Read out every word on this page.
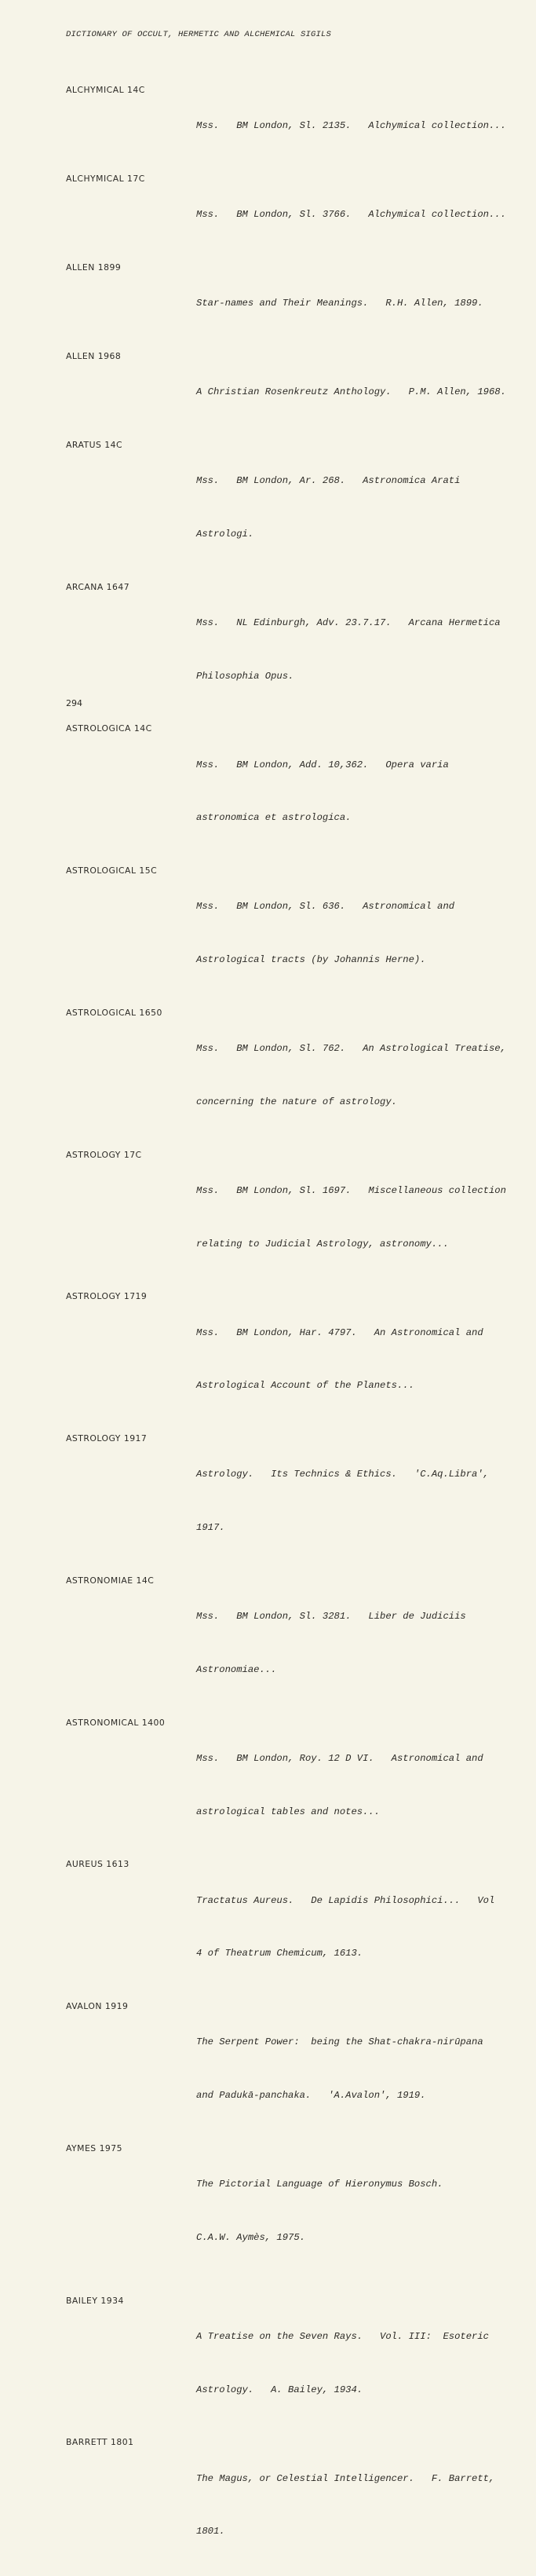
DICTIONARY OF OCCULT, HERMETIC AND ALCHEMICAL SIGILS
ALCHYMICAL 14C

Mss.   BM London, Sl. 2135.   Alchymical collection...

ALCHYMICAL 17C

Mss.   BM London, Sl. 3766.   Alchymical collection...

ALLEN 1899

Star-names and Their Meanings.   R.H. Allen, 1899.

ALLEN 1968

A Christian Rosenkreutz Anthology.   P.M. Allen, 1968.

ARATUS 14C

Mss.   BM London, Ar. 268.   Astronomica Arati

Astrologi.

ARCANA 1647

Mss.   NL Edinburgh, Adv. 23.7.17.   Arcana Hermetica

Philosophia Opus.

ASTROLOGICA 14C

Mss.   BM London, Add. 10,362.   Opera varia

astronomica et astrologica.

ASTROLOGICAL 15C

Mss.   BM London, Sl. 636.   Astronomical and

Astrological tracts (by Johannis Herne).

ASTROLOGICAL 1650

Mss.   BM London, Sl. 762.   An Astrological Treatise,

concerning the nature of astrology.

ASTROLOGY 17C

Mss.   BM London, Sl. 1697.   Miscellaneous collection

relating to Judicial Astrology, astronomy...

ASTROLOGY 1719

Mss.   BM London, Har. 4797.   An Astronomical and

Astrological Account of the Planets...

ASTROLOGY 1917

Astrology.   Its Technics & Ethics.   'C.Aq.Libra',

1917.

ASTRONOMIAE 14C

Mss.   BM London, Sl. 3281.   Liber de Judiciis

Astronomiae...

ASTRONOMICAL 1400

Mss.   BM London, Roy. 12 D VI.   Astronomical and

astrological tables and notes...

AUREUS 1613

Tractatus Aureus.   De Lapidis Philosophici...   Vol

4 of Theatrum Chemicum, 1613.

AVALON 1919

The Serpent Power:  being the Shat-chakra-nirūpana

and Padukā-panchaka.   'A.Avalon', 1919.

AYMES 1975

The Pictorial Language of Hieronymus Bosch.

C.A.W. Aymès, 1975.

BAILEY 1934

A Treatise on the Seven Rays.   Vol. III:  Esoteric

Astrology.   A. Bailey, 1934.

BARRETT 1801

The Magus, or Celestial Intelligencer.   F. Barrett,

1801.

294
